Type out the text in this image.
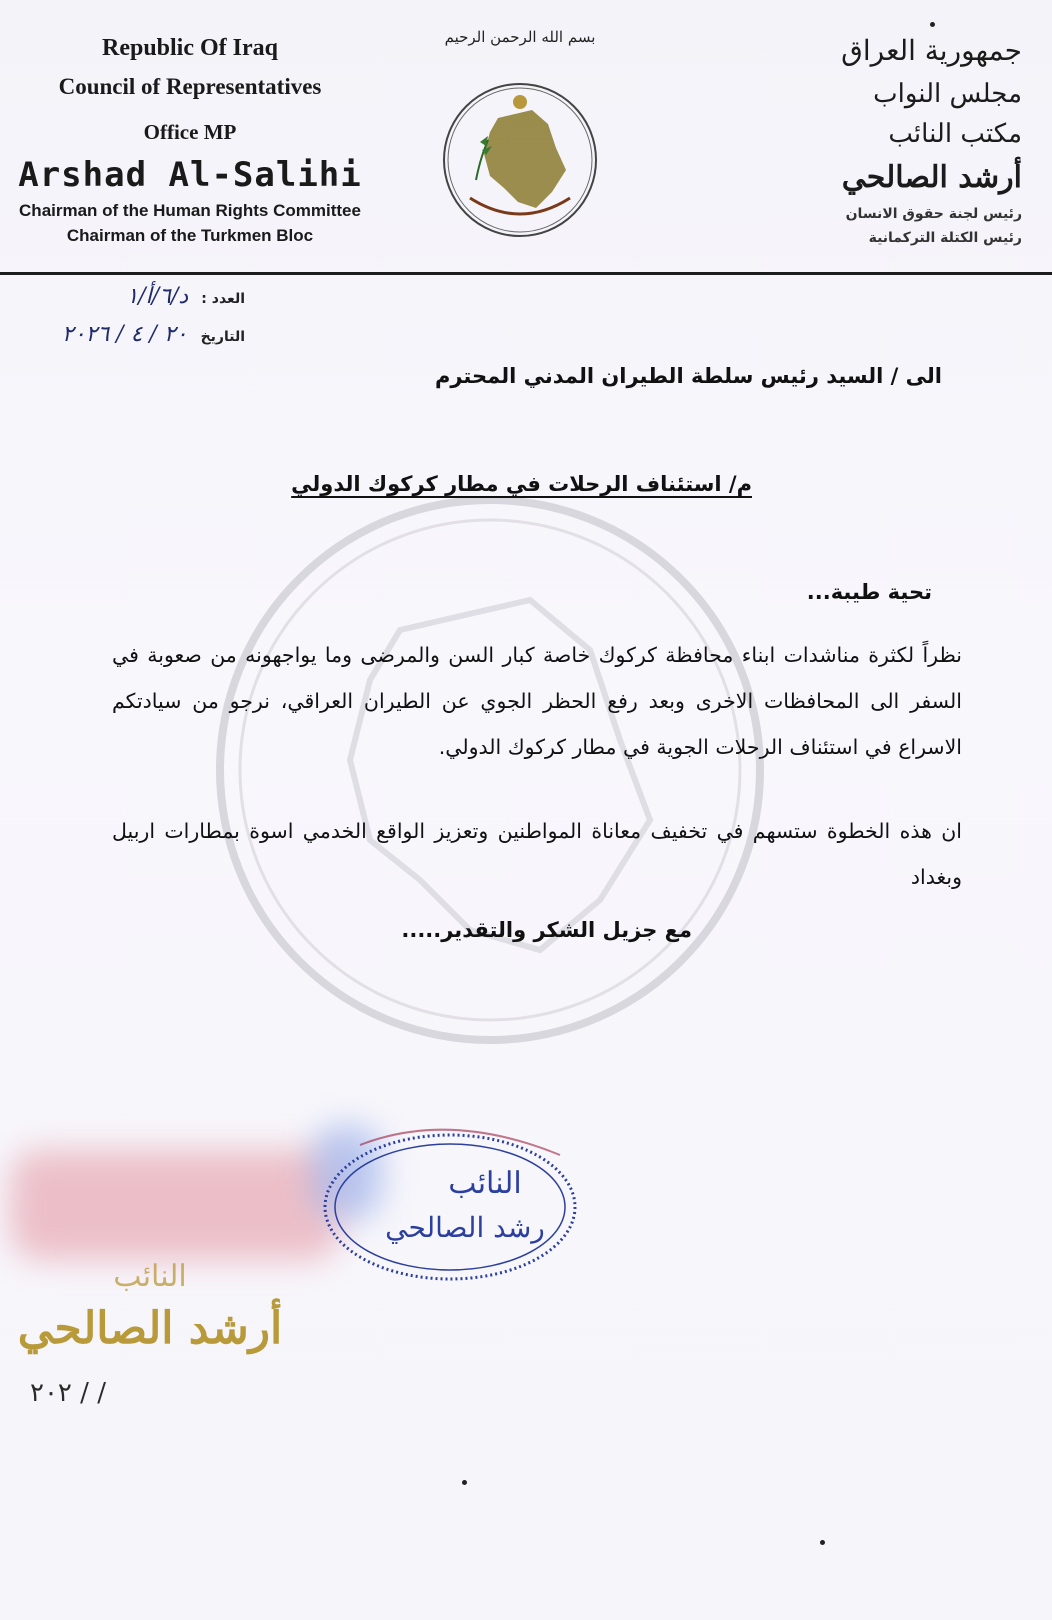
Republic Of Iraq
Council of Representatives
Office MP
Arshad Al-Salihi
Chairman of the Human Rights Committee
Chairman of the Turkmen Bloc
بسم الله الرحمن الرحيم	جمهورية العراق
مجلس النواب
مكتب النائب
أرشد الصالحي
رئيس لجنة حقوق الانسان
رئيس الكتلة التركمانية
العدد : د/٦/أ/١
التاريخ ٢٠ / ٤ / ٢٠٢٦
الى / السيد رئيس سلطة الطيران المدني المحترم
م/ استئناف الرحلات في مطار كركوك الدولي
تحية طيبة...
نظراً لكثرة مناشدات ابناء محافظة كركوك خاصة كبار السن والمرضى وما يواجهونه من صعوبة في السفر الى المحافظات الاخرى وبعد رفع الحظر الجوي عن الطيران العراقي، نرجو من سيادتكم الاسراع في استئناف الرحلات الجوية في مطار كركوك الدولي.
ان هذه الخطوة ستسهم في تخفيف معاناة المواطنين وتعزيز الواقع الخدمي اسوة بمطارات اربيل وبغداد
مع جزيل الشكر والتقدير.....
النائب
أرشد الصالحي
٢٠٢ / /
النائب
رشد الصالحي
